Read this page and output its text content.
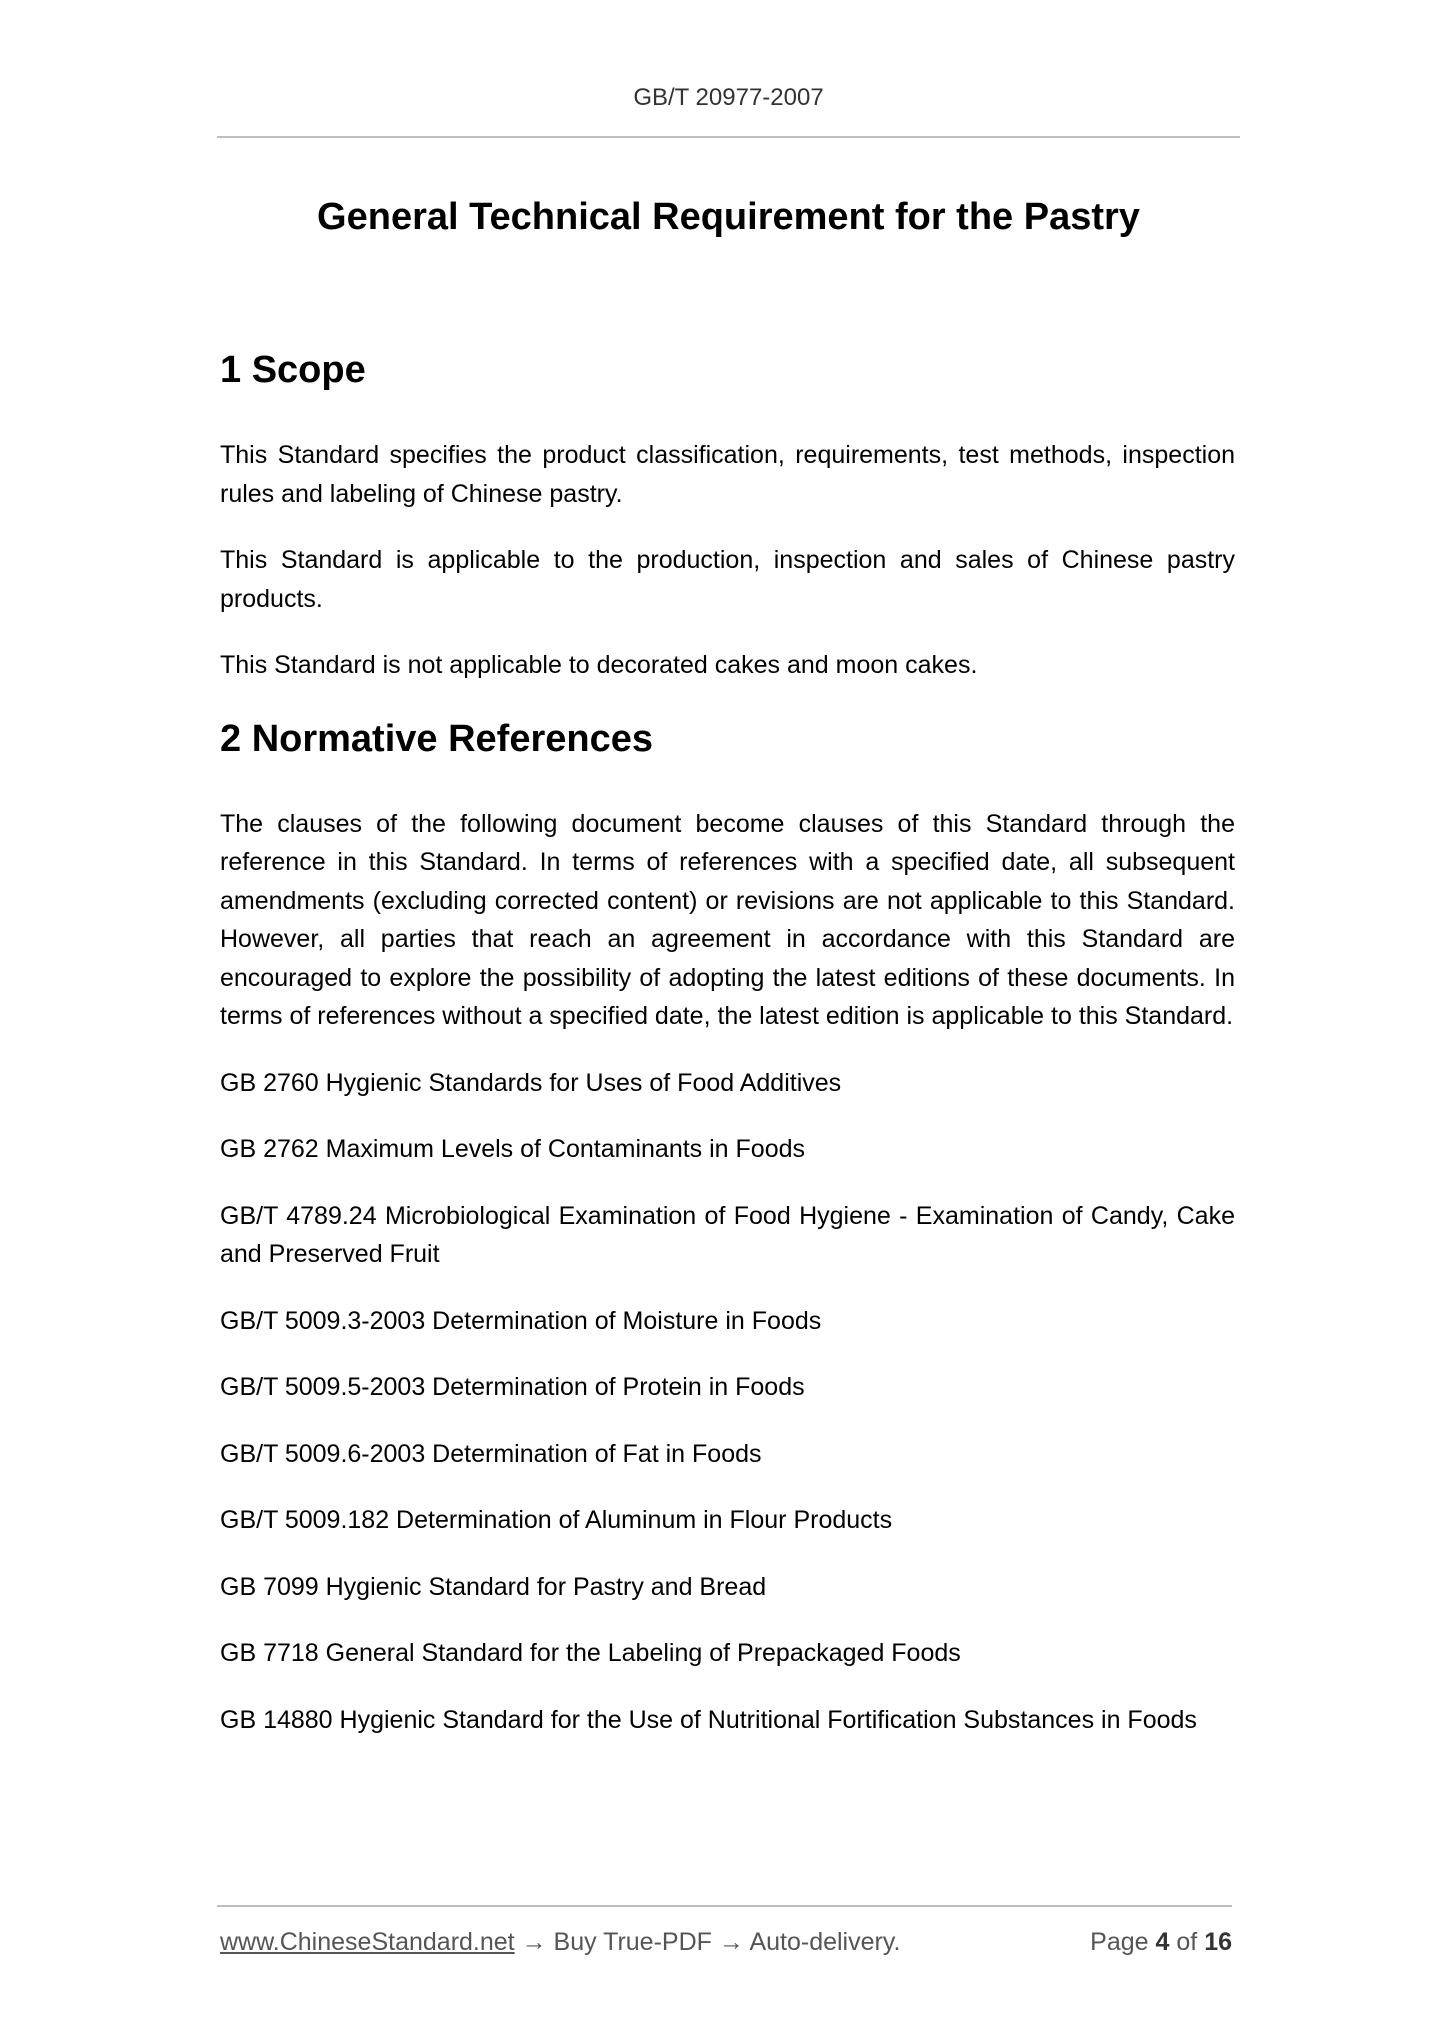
GB/T 20977-2007
General Technical Requirement for the Pastry
1 Scope

This Standard specifies the product classification, requirements, test methods, inspection rules and labeling of Chinese pastry.

This Standard is applicable to the production, inspection and sales of Chinese pastry products.

This Standard is not applicable to decorated cakes and moon cakes.

2 Normative References

The clauses of the following document become clauses of this Standard through the reference in this Standard. In terms of references with a specified date, all subsequent amendments (excluding corrected content) or revisions are not applicable to this Standard. However, all parties that reach an agreement in accordance with this Standard are encouraged to explore the possibility of adopting the latest editions of these documents. In terms of references without a specified date, the latest edition is applicable to this Standard.

GB 2760 Hygienic Standards for Uses of Food Additives

GB 2762 Maximum Levels of Contaminants in Foods

GB/T 4789.24 Microbiological Examination of Food Hygiene - Examination of Candy, Cake and Preserved Fruit

GB/T 5009.3-2003 Determination of Moisture in Foods

GB/T 5009.5-2003 Determination of Protein in Foods

GB/T 5009.6-2003 Determination of Fat in Foods

GB/T 5009.182 Determination of Aluminum in Flour Products

GB 7099 Hygienic Standard for Pastry and Bread

GB 7718 General Standard for the Labeling of Prepackaged Foods

GB 14880 Hygienic Standard for the Use of Nutritional Fortification Substances in Foods

www.ChineseStandard.net → Buy True-PDF → Auto-delivery.	Page 4 of 16
